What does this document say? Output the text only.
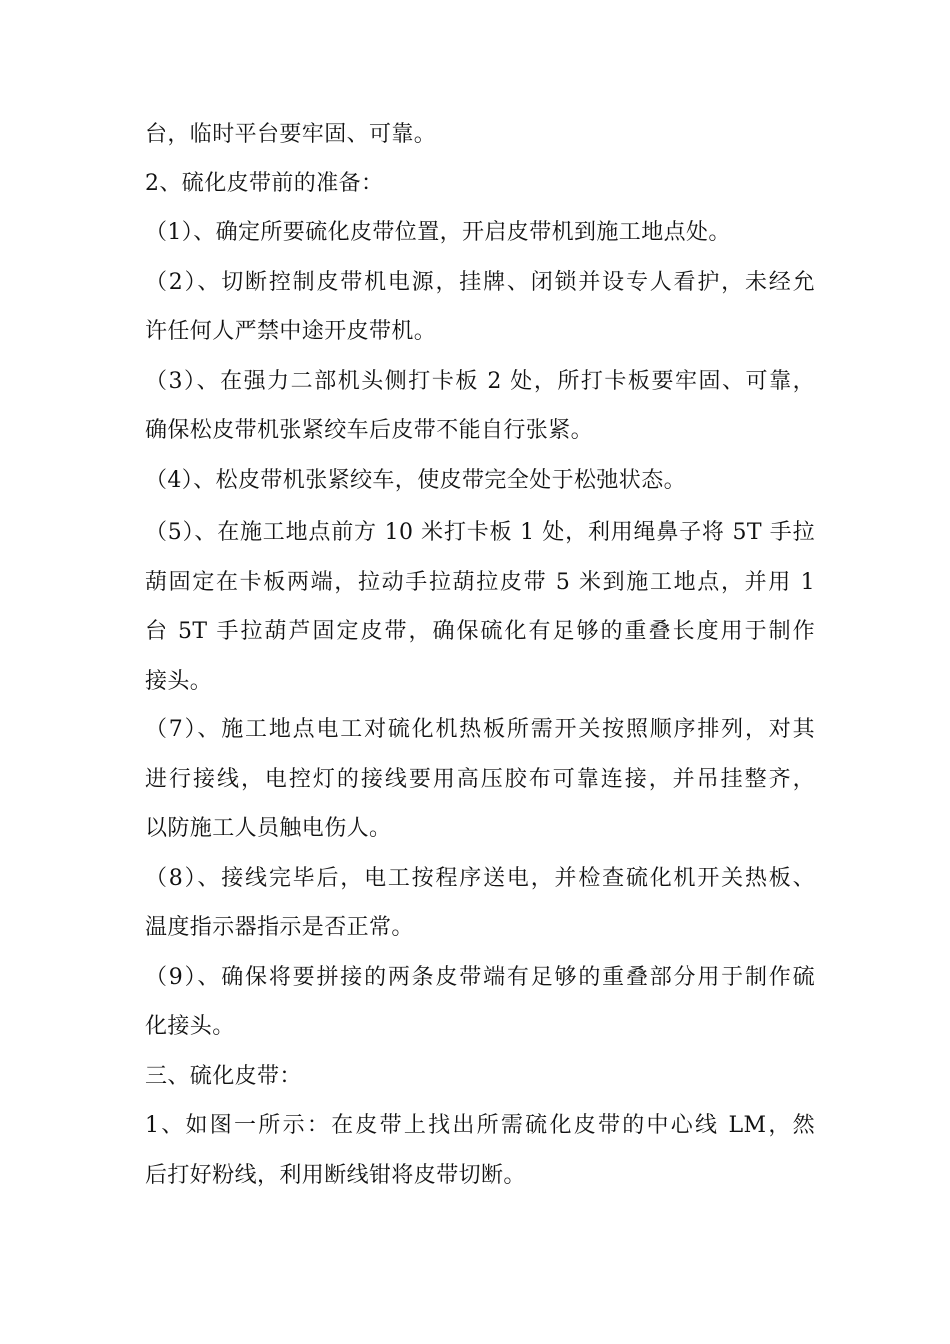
台，临时平台要牢固、可靠。
2、硫化皮带前的准备：
（1）、确定所要硫化皮带位置，开启皮带机到施工地点处。
（2）、切断控制皮带机电源，挂牌、闭锁并设专人看护，未经允
许任何人严禁中途开皮带机。
（3）、在强力二部机头侧打卡板 2 处，所打卡板要牢固、可靠，
确保松皮带机张紧绞车后皮带不能自行张紧。
（4）、松皮带机张紧绞车，使皮带完全处于松弛状态。
（5）、在施工地点前方 10 米打卡板 1 处，利用绳鼻子将 5T 手拉
葫固定在卡板两端，拉动手拉葫拉皮带 5 米到施工地点，并用 1
台 5T 手拉葫芦固定皮带，确保硫化有足够的重叠长度用于制作
接头。
（7）、施工地点电工对硫化机热板所需开关按照顺序排列，对其
进行接线，电控灯的接线要用高压胶布可靠连接，并吊挂整齐，
以防施工人员触电伤人。
（8）、接线完毕后，电工按程序送电，并检查硫化机开关热板、
温度指示器指示是否正常。
（9）、确保将要拼接的两条皮带端有足够的重叠部分用于制作硫
化接头。
三、硫化皮带：
1、如图一所示：在皮带上找出所需硫化皮带的中心线 LM，然
后打好粉线，利用断线钳将皮带切断。
